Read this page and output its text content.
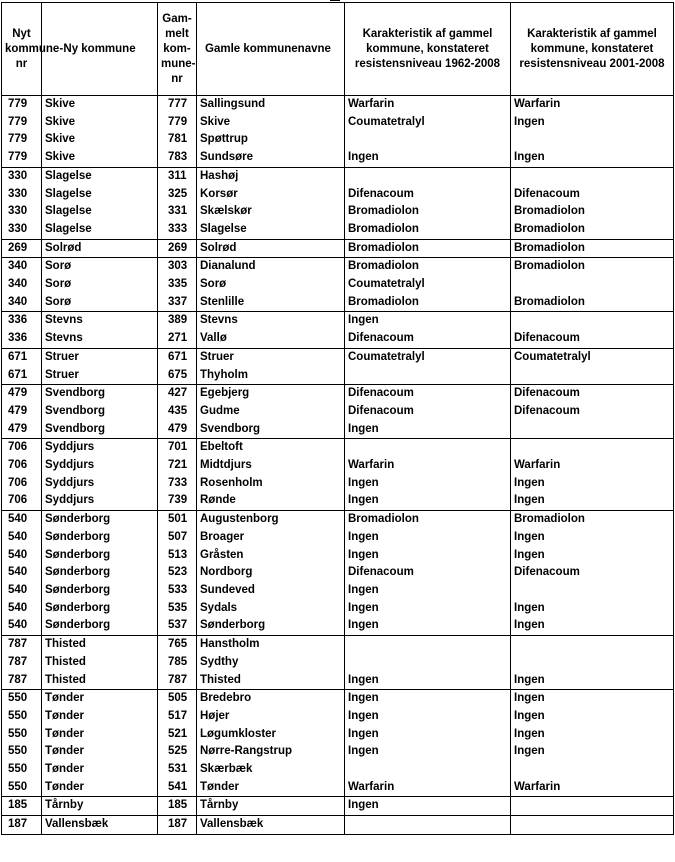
Nyt kommune-nr	Ny kommune	Gam-melt kom-mune-nr	Gamle kommunenavne	Karakteristik af gammel kommune, konstateret resistensniveau 1962-2008	Karakteristik af gammel kommune, konstateret resistensniveau 2001-2008
779	Skive	777	Sallingsund	Warfarin	Warfarin
779	Skive	779	Skive	Coumatetralyl	Ingen
779	Skive	781	Spøttrup		
779	Skive	783	Sundsøre	Ingen	Ingen
330	Slagelse	311	Hashøj		
330	Slagelse	325	Korsør	Difenacoum	Difenacoum
330	Slagelse	331	Skælskør	Bromadiolon	Bromadiolon
330	Slagelse	333	Slagelse	Bromadiolon	Bromadiolon
269	Solrød	269	Solrød	Bromadiolon	Bromadiolon
340	Sorø	303	Dianalund	Bromadiolon	Bromadiolon
340	Sorø	335	Sorø	Coumatetralyl	
340	Sorø	337	Stenlille	Bromadiolon	Bromadiolon
336	Stevns	389	Stevns	Ingen	
336	Stevns	271	Vallø	Difenacoum	Difenacoum
671	Struer	671	Struer	Coumatetralyl	Coumatetralyl
671	Struer	675	Thyholm		
479	Svendborg	427	Egebjerg	Difenacoum	Difenacoum
479	Svendborg	435	Gudme	Difenacoum	Difenacoum
479	Svendborg	479	Svendborg	Ingen	
706	Syddjurs	701	Ebeltoft		
706	Syddjurs	721	Midtdjurs	Warfarin	Warfarin
706	Syddjurs	733	Rosenholm	Ingen	Ingen
706	Syddjurs	739	Rønde	Ingen	Ingen
540	Sønderborg	501	Augustenborg	Bromadiolon	Bromadiolon
540	Sønderborg	507	Broager	Ingen	Ingen
540	Sønderborg	513	Gråsten	Ingen	Ingen
540	Sønderborg	523	Nordborg	Difenacoum	Difenacoum
540	Sønderborg	533	Sundeved	Ingen	
540	Sønderborg	535	Sydals	Ingen	Ingen
540	Sønderborg	537	Sønderborg	Ingen	Ingen
787	Thisted	765	Hanstholm		
787	Thisted	785	Sydthy		
787	Thisted	787	Thisted	Ingen	Ingen
550	Tønder	505	Bredebro	Ingen	Ingen
550	Tønder	517	Højer	Ingen	Ingen
550	Tønder	521	Løgumkloster	Ingen	Ingen
550	Tønder	525	Nørre-Rangstrup	Ingen	Ingen
550	Tønder	531	Skærbæk		
550	Tønder	541	Tønder	Warfarin	Warfarin
185	Tårnby	185	Tårnby	Ingen	
187	Vallensbæk	187	Vallensbæk		
